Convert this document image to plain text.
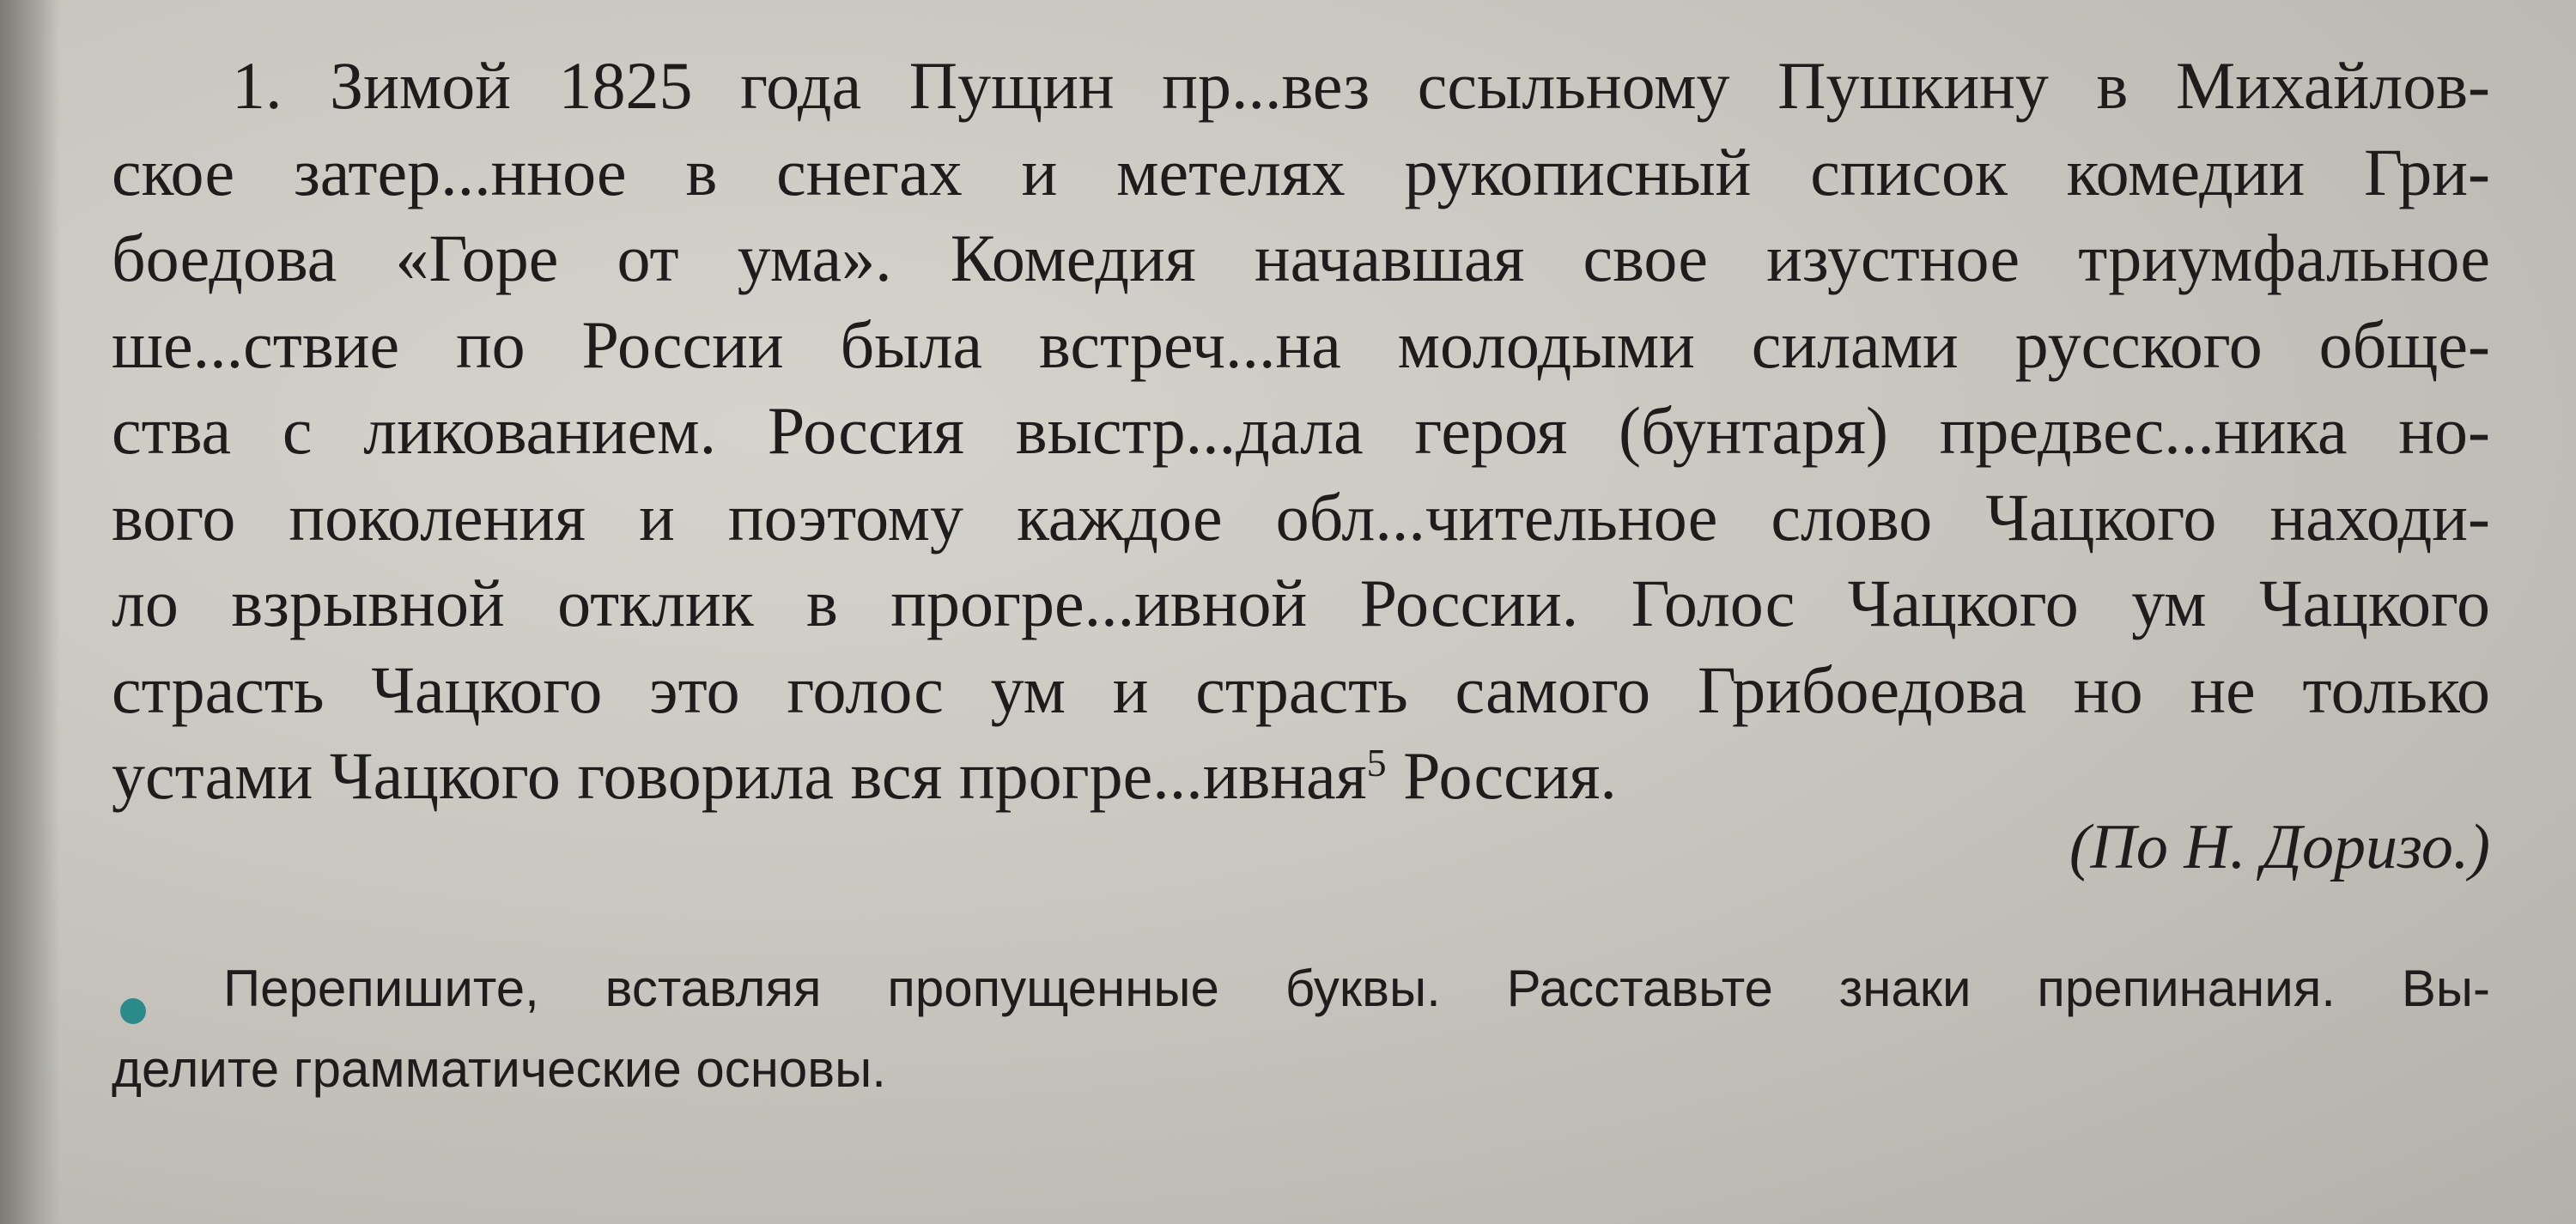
1. Зимой 1825 года Пущин пр...вез ссыльному Пушкину в Михайлов-
ское затер...нное в снегах и метелях рукописный список комедии Гри-
боедова «Горе от ума». Комедия начавшая свое изустное триумфальное
ше...ствие по России была встреч...на молодыми силами русского обще-
ства с ликованием. Россия выстр...дала героя (бунтаря) предвес...ника но-
вого поколения и поэтому каждое обл...чительное слово Чацкого находи-
ло взрывной отклик в прогре...ивной России. Голос Чацкого ум Чацкого
страсть Чацкого это голос ум и страсть самого Грибоедова но не только
устами Чацкого говорила вся прогре...ивная$^5$ Россия.
(По Н. Доризо.)
Перепишите, вставляя пропущенные буквы. Расставьте знаки препинания. Вы-
делите грамматические основы.
